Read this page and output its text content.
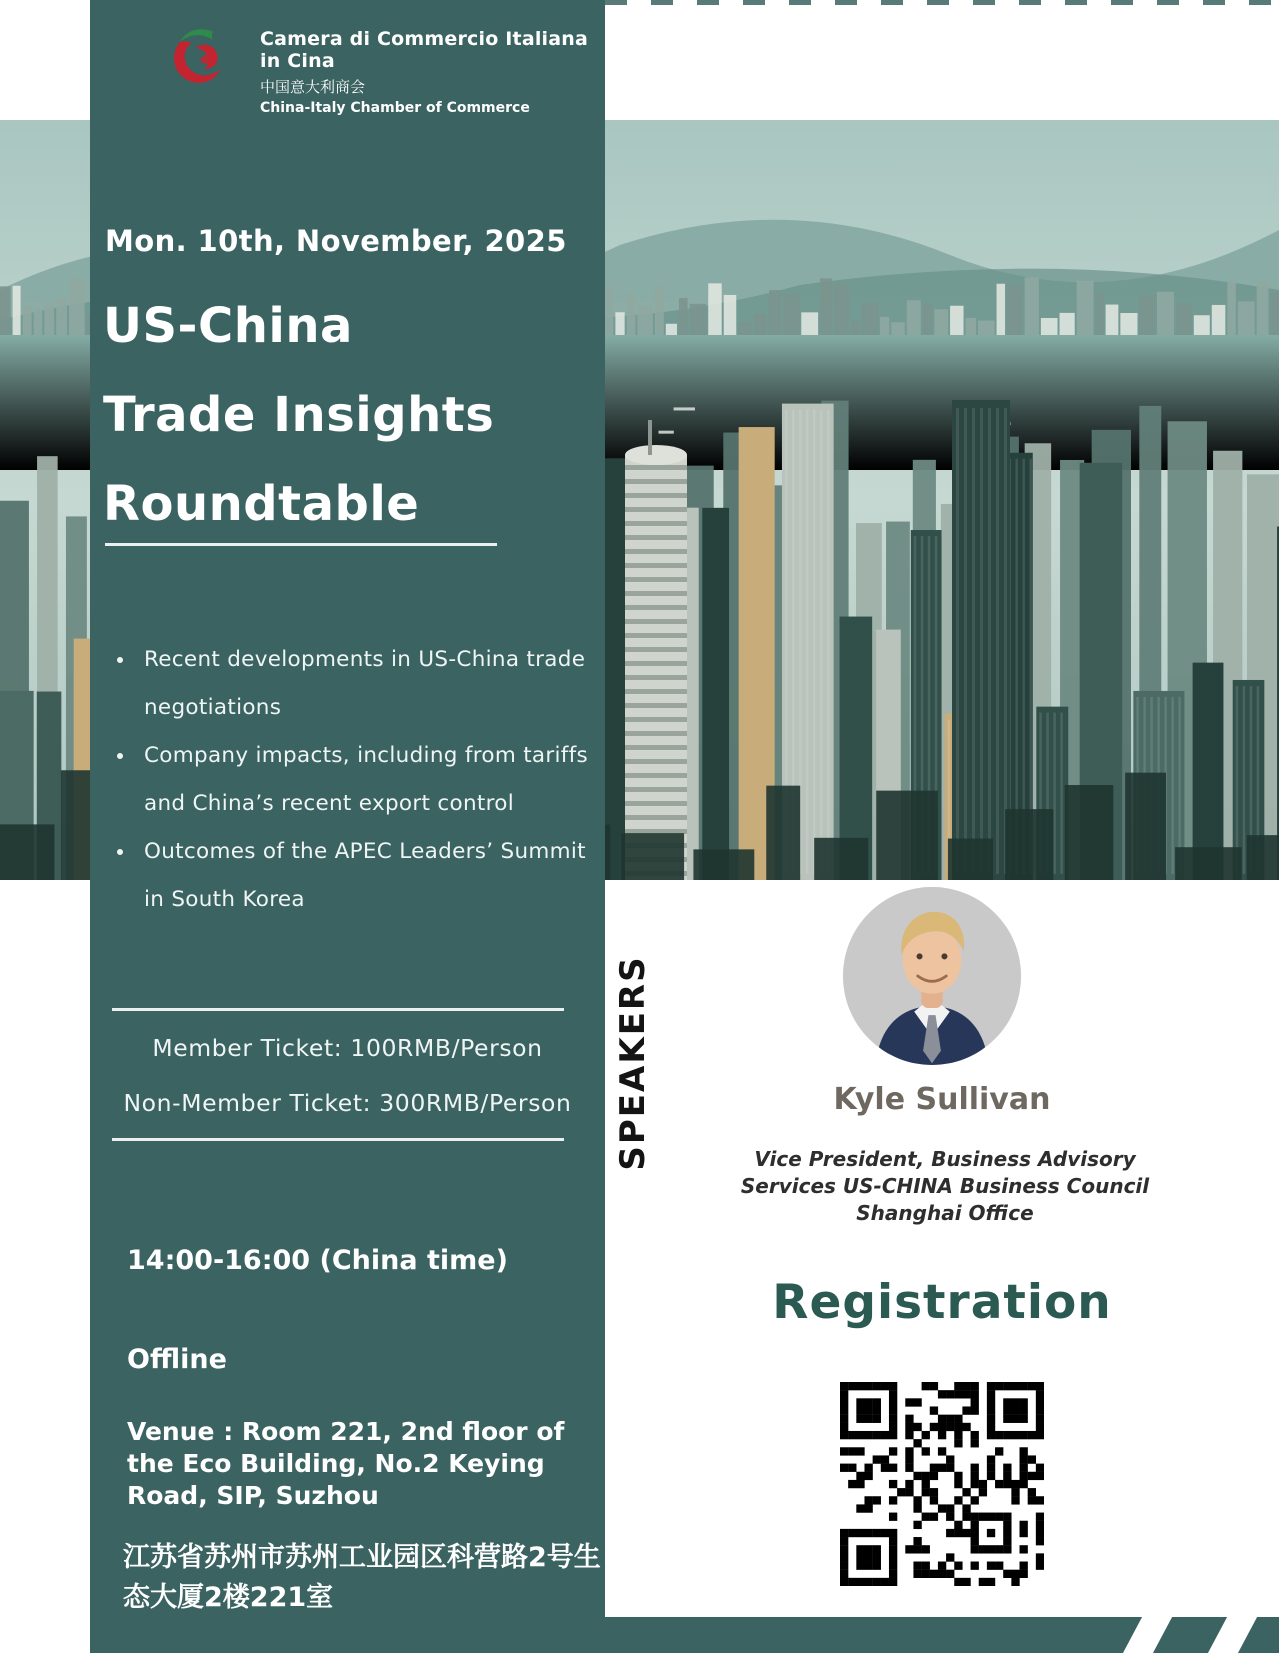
Camera di Commercio Italiana in Cina
中国意大利商会
China-Italy Chamber of Commerce
Mon. 10th, November, 2025
US-China
Trade Insights
Roundtable
• Recent developments in US-China trade negotiations
• Company impacts, including from tariffs and China’s recent export control
• Outcomes of the APEC Leaders’ Summit in South Korea
Member Ticket: 100RMB/Person
Non-Member Ticket: 300RMB/Person
14:00-16:00 (China time)
Offline
Venue : Room 221, 2nd floor of the Eco Building, No.2 Keying Road, SIP, Suzhou
江苏省苏州市苏州工业园区科营路2号生态大厦2楼221室
SPEAKERS	Kyle Sullivan
Vice President, Business Advisory
Services US-CHINA Business Council
Shanghai Office
Registration
